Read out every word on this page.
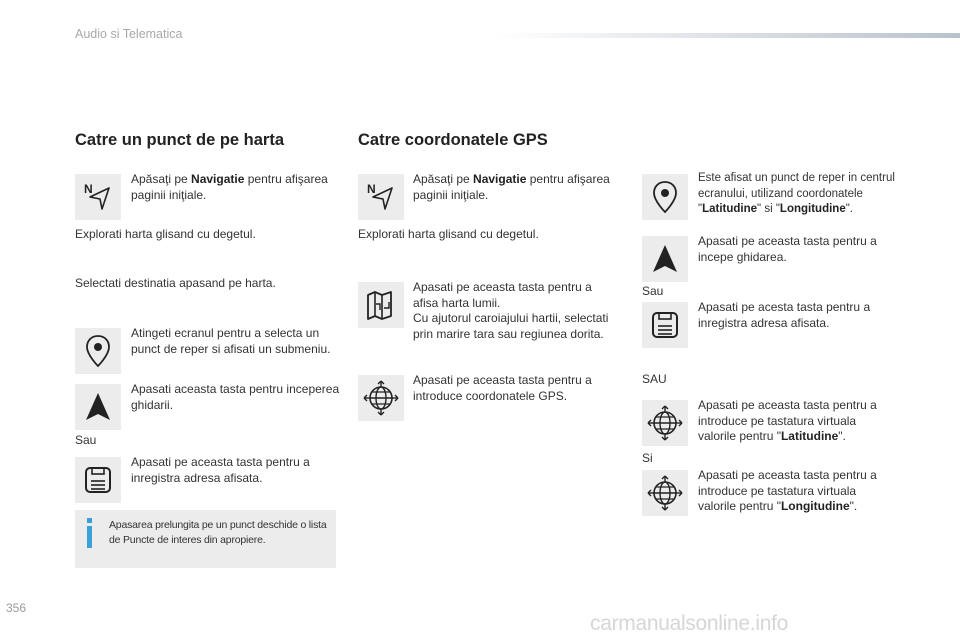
Audio si Telematica
Catre un punct de pe harta
N
Apăsaţi pe Navigatie pentru afişarea paginii iniţiale.
Explorati harta glisand cu degetul.
Selectati destinatia apasand pe harta.
Atingeti ecranul pentru a selecta un punct de reper si afisati un submeniu.
Apasati aceasta tasta pentru inceperea ghidarii.
Sau
Apasati pe aceasta tasta pentru a inregistra adresa afisata.
Apasarea prelungita pe un punct deschide o lista de Puncte de interes din apropiere.
Catre coordonatele GPS
N
Apăsaţi pe Navigatie pentru afişarea paginii iniţiale.
Explorati harta glisand cu degetul.
Apasati pe aceasta tasta pentru a afisa harta lumii.
Cu ajutorul caroiajului hartii, selectati prin marire tara sau regiunea dorita.
Apasati pe aceasta tasta pentru a introduce coordonatele GPS.
Este afisat un punct de reper in centrul ecranului, utilizand coordonatele "Latitudine" si "Longitudine".
Apasati pe aceasta tasta pentru a incepe ghidarea.
Sau
Apasati pe acesta tasta pentru a inregistra adresa afisata.
SAU
Apasati pe aceasta tasta pentru a introduce pe tastatura virtuala valorile pentru "Latitudine".
Si
Apasati pe aceasta tasta pentru a introduce pe tastatura virtuala valorile pentru "Longitudine".
356
carmanualsonline.info
